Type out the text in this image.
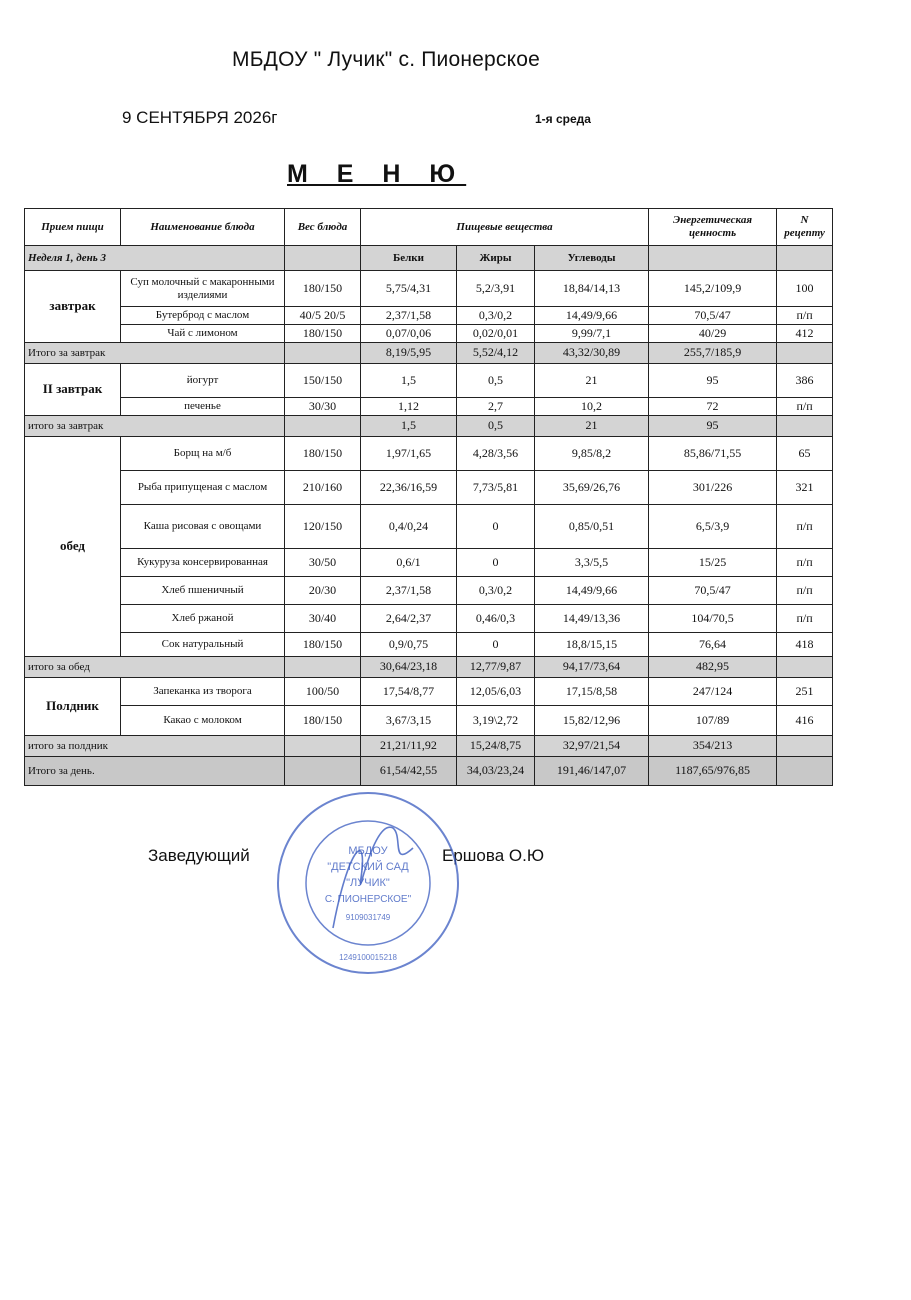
МБДОУ " Лучик" с. Пионерское
9 СЕНТЯБРЯ 2026г	1-я среда
М Е Н Ю
Прием пищи	Наименование блюда	Вес блюда	Пищевые вещества			Энергетическая ценность	N рецепту
Неделя 1, день 3			Белки	Жиры	Углеводы		
завтрак	Суп молочный с макаронными изделиями	180/150	5,75/4,31	5,2/3,91	18,84/14,13	145,2/109,9	100
	Бутерброд с маслом	40/5 20/5	2,37/1,58	0,3/0,2	14,49/9,66	70,5/47	п/п
	Чай с лимоном	180/150	0,07/0,06	0,02/0,01	9,99/7,1	40/29	412
Итого за завтрак			8,19/5,95	5,52/4,12	43,32/30,89	255,7/185,9	
II завтрак	йогурт	150/150	1,5	0,5	21	95	386
	печенье	30/30	1,12	2,7	10,2	72	п/п
итого за завтрак			1,5	0,5	21	95	
обед	Борщ на м/б	180/150	1,97/1,65	4,28/3,56	9,85/8,2	85,86/71,55	65
	Рыба припущеная с маслом	210/160	22,36/16,59	7,73/5,81	35,69/26,76	301/226	321
	Каша рисовая с овощами	120/150	0,4/0,24	0	0,85/0,51	6,5/3,9	п/п
	Кукуруза консервированная	30/50	0,6/1	0	3,3/5,5	15/25	п/п
	Хлеб пшеничный	20/30	2,37/1,58	0,3/0,2	14,49/9,66	70,5/47	п/п
	Хлеб ржаной	30/40	2,64/2,37	0,46/0,3	14,49/13,36	104/70,5	п/п
	Сок натуральный	180/150	0,9/0,75	0	18,8/15,15	76,64	418
итого за обед			30,64/23,18	12,77/9,87	94,17/73,64	482,95	
Полдник	Запеканка из творога	100/50	17,54/8,77	12,05/6,03	17,15/8,58	247/124	251
	Какао с молоком	180/150	3,67/3,15	3,19\2,72	15,82/12,96	107/89	416
итого за полдник			21,21/11,92	15,24/8,75	32,97/21,54	354/213	
Итого за день.			61,54/42,55	34,03/23,24	191,46/147,07	1187,65/976,85	
Заведующий	Ершова О.Ю
МБДОУ
"ДЕТСКИЙ САД
"ЛУЧИК"
С. ПИОНЕРСКОЕ"
9109031749
1249100015218
